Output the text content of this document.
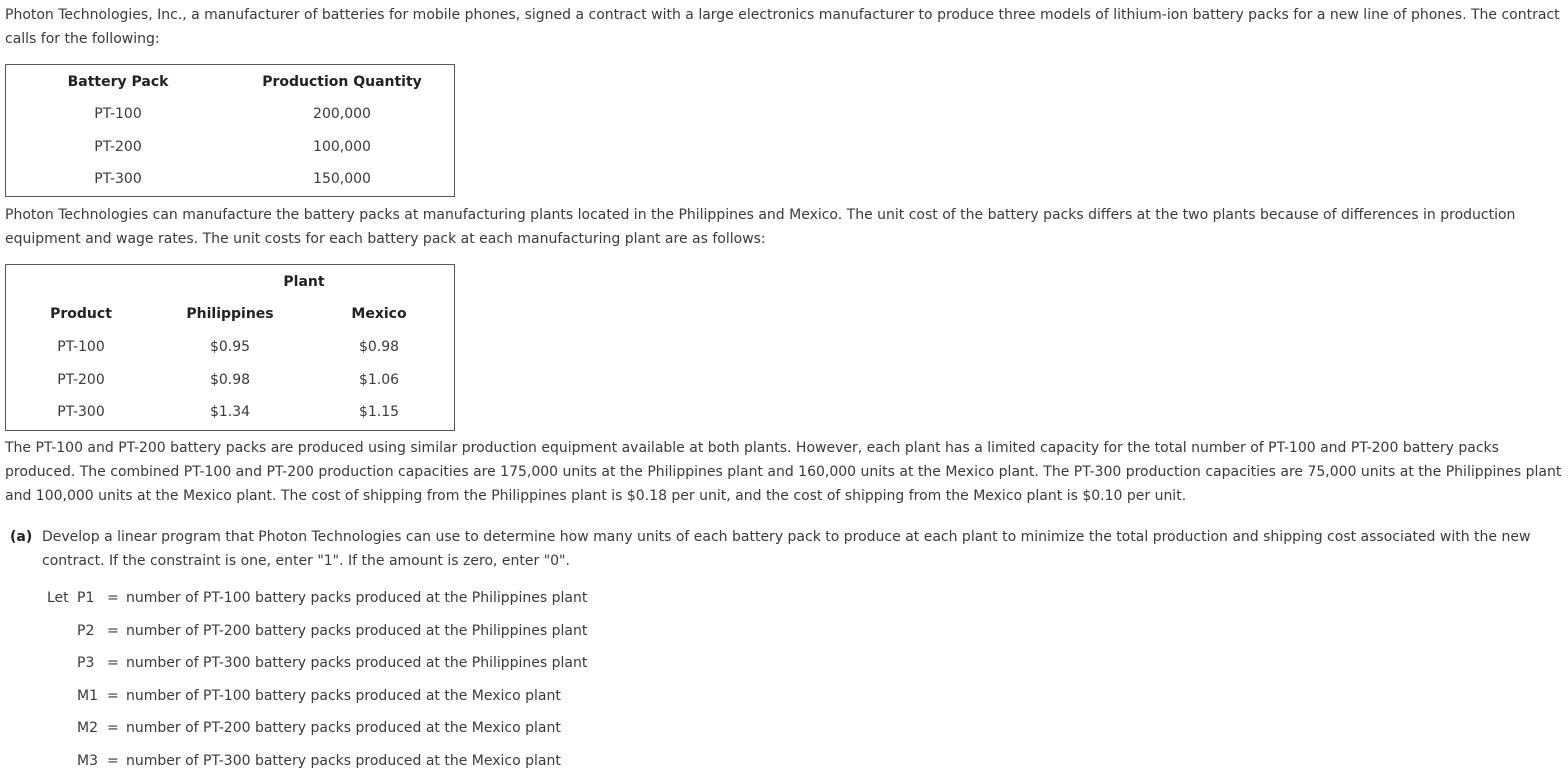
Photon Technologies, Inc., a manufacturer of batteries for mobile phones, signed a contract with a large electronics manufacturer to produce three models of lithium-ion battery packs for a new line of phones. The contract calls for the following:

Battery Pack	Production Quantity
PT-100	200,000
PT-200	100,000
PT-300	150,000

Photon Technologies can manufacture the battery packs at manufacturing plants located in the Philippines and Mexico. The unit cost of the battery packs differs at the two plants because of differences in production equipment and wage rates. The unit costs for each battery pack at each manufacturing plant are as follows:

Plant
Product	Philippines	Mexico
PT-100	$0.95	$0.98
PT-200	$0.98	$1.06
PT-300	$1.34	$1.15

The PT-100 and PT-200 battery packs are produced using similar production equipment available at both plants. However, each plant has a limited capacity for the total number of PT-100 and PT-200 battery packs produced. The combined PT-100 and PT-200 production capacities are 175,000 units at the Philippines plant and 160,000 units at the Mexico plant. The PT-300 production capacities are 75,000 units at the Philippines plant and 100,000 units at the Mexico plant. The cost of shipping from the Philippines plant is $0.18 per unit, and the cost of shipping from the Mexico plant is $0.10 per unit.

(a) Develop a linear program that Photon Technologies can use to determine how many units of each battery pack to produce at each plant to minimize the total production and shipping cost associated with the new contract. If the constraint is one, enter "1". If the amount is zero, enter "0".

Let P1 = number of PT-100 battery packs produced at the Philippines plant
P2 = number of PT-200 battery packs produced at the Philippines plant
P3 = number of PT-300 battery packs produced at the Philippines plant
M1 = number of PT-100 battery packs produced at the Mexico plant
M2 = number of PT-200 battery packs produced at the Mexico plant
M3 = number of PT-300 battery packs produced at the Mexico plant
